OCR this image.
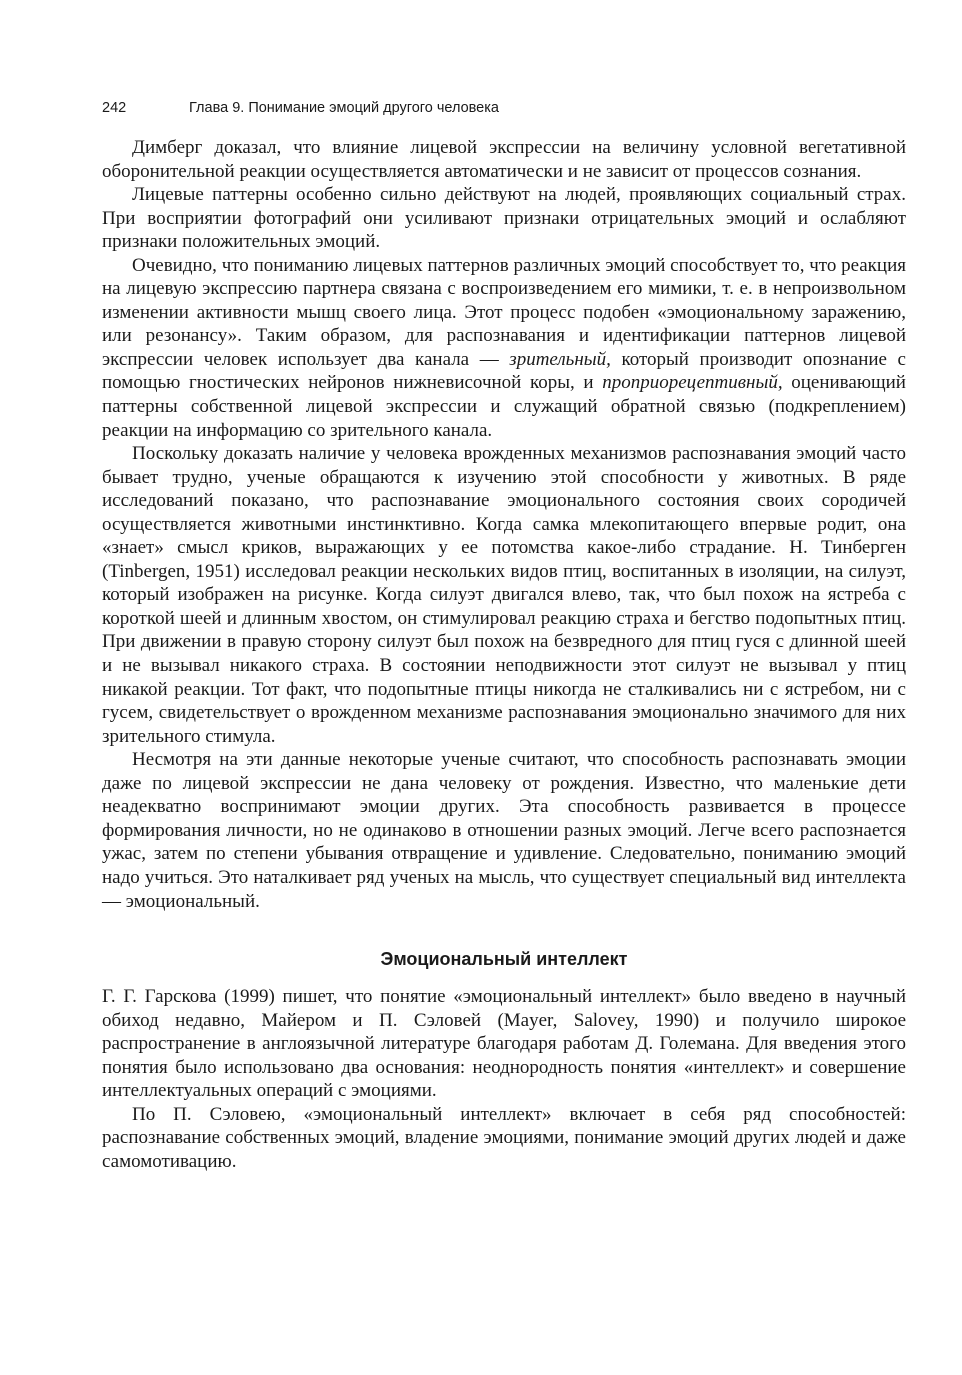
242	Глава 9. Понимание эмоций другого человека

Димберг доказал, что влияние лицевой экспрессии на величину условной вегетативной оборонительной реакции осуществляется автоматически и не зависит от процессов сознания.

Лицевые паттерны особенно сильно действуют на людей, проявляющих социальный страх. При восприятии фотографий они усиливают признаки отрицательных эмоций и ослабляют признаки положительных эмоций.

Очевидно, что пониманию лицевых паттернов различных эмоций способствует то, что реакция на лицевую экспрессию партнера связана с воспроизведением его мимики, т. е. в непроизвольном изменении активности мышц своего лица. Этот процесс подобен «эмоциональному заражению, или резонансу». Таким образом, для распознавания и идентификации паттернов лицевой экспрессии человек использует два канала — зрительный, который производит опознание с помощью гностических нейронов нижневисочной коры, и проприорецептивный, оценивающий паттерны собственной лицевой экспрессии и служащий обратной связью (подкреплением) реакции на информацию со зрительного канала.

Поскольку доказать наличие у человека врожденных механизмов распознавания эмоций часто бывает трудно, ученые обращаются к изучению этой способности у животных. В ряде исследований показано, что распознавание эмоционального состояния своих сородичей осуществляется животными инстинктивно. Когда самка млекопитающего впервые родит, она «знает» смысл криков, выражающих у ее потомства какое-либо страдание. Н. Тинберген (Tinbergen, 1951) исследовал реакции нескольких видов птиц, воспитанных в изоляции, на силуэт, который изображен на рисунке. Когда силуэт двигался влево, так, что был похож на ястреба с короткой шеей и длинным хвостом, он стимулировал реакцию страха и бегство подопытных птиц. При движении в правую сторону силуэт был похож на безвредного для птиц гуся с длинной шеей и не вызывал никакого страха. В состоянии неподвижности этот силуэт не вызывал у птиц никакой реакции. Тот факт, что подопытные птицы никогда не сталкивались ни с ястребом, ни с гусем, свидетельствует о врожденном механизме распознавания эмоционально значимого для них зрительного стимула.

Несмотря на эти данные некоторые ученые считают, что способность распознавать эмоции даже по лицевой экспрессии не дана человеку от рождения. Известно, что маленькие дети неадекватно воспринимают эмоции других. Эта способность развивается в процессе формирования личности, но не одинаково в отношении разных эмоций. Легче всего распознается ужас, затем по степени убывания отвращение и удивление. Следовательно, пониманию эмоций надо учиться. Это наталкивает ряд ученых на мысль, что существует специальный вид интеллекта — эмоциональный.

Эмоциональный интеллект

Г. Г. Гарскова (1999) пишет, что понятие «эмоциональный интеллект» было введено в научный обиход недавно, Майером и П. Сэловей (Mayer, Salovey, 1990) и получило широкое распространение в англоязычной литературе благодаря работам Д. Големана. Для введения этого понятия было использовано два основания: неоднородность понятия «интеллект» и совершение интеллектуальных операций с эмоциями.

По П. Сэловею, «эмоциональный интеллект» включает в себя ряд способностей: распознавание собственных эмоций, владение эмоциями, понимание эмоций других людей и даже самомотивацию.
